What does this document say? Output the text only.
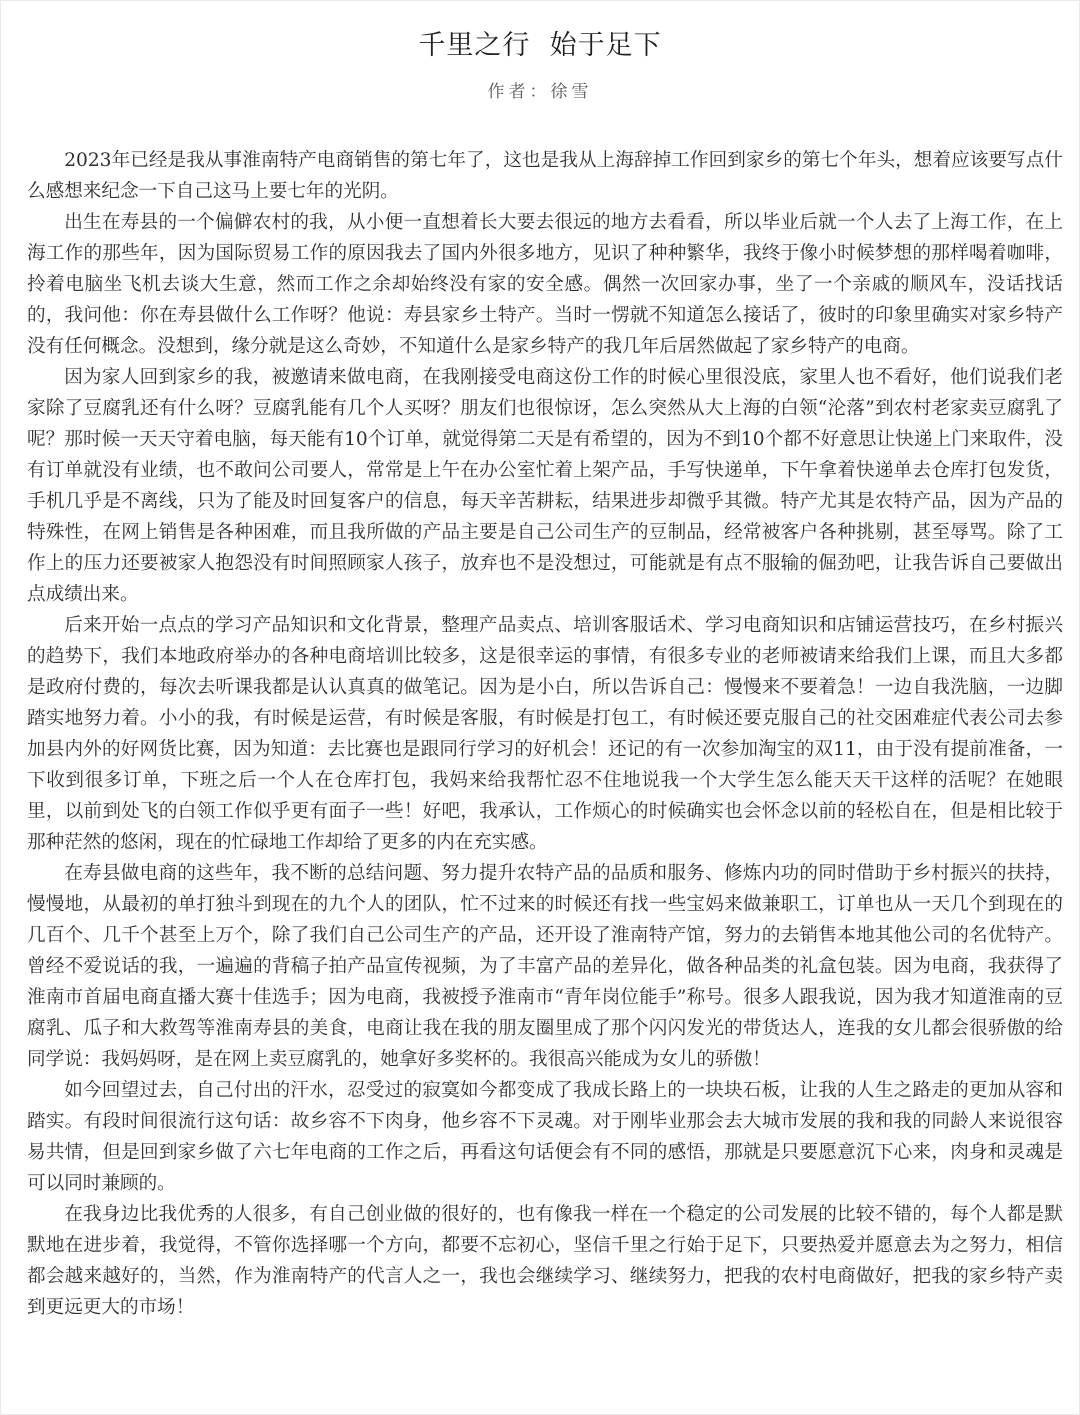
千里之行  始于足下
作者：徐雪

2023年已经是我从事淮南特产电商销售的第七年了，这也是我从上海辞掉工作回到家乡的第七个年头，想着应该要写点什么感想来纪念一下自己这马上要七年的光阴。

出生在寿县的一个偏僻农村的我，从小便一直想着长大要去很远的地方去看看，所以毕业后就一个人去了上海工作，在上海工作的那些年，因为国际贸易工作的原因我去了国内外很多地方，见识了种种繁华，我终于像小时候梦想的那样喝着咖啡，拎着电脑坐飞机去谈大生意，然而工作之余却始终没有家的安全感。偶然一次回家办事，坐了一个亲戚的顺风车，没话找话的，我问他：你在寿县做什么工作呀？他说：寿县家乡土特产。当时一愣就不知道怎么接话了，彼时的印象里确实对家乡特产没有任何概念。没想到，缘分就是这么奇妙，不知道什么是家乡特产的我几年后居然做起了家乡特产的电商。

因为家人回到家乡的我，被邀请来做电商，在我刚接受电商这份工作的时候心里很没底，家里人也不看好，他们说我们老家除了豆腐乳还有什么呀？豆腐乳能有几个人买呀？朋友们也很惊讶，怎么突然从大上海的白领“沦落”到农村老家卖豆腐乳了呢？那时候一天天守着电脑，每天能有10个订单，就觉得第二天是有希望的，因为不到10个都不好意思让快递上门来取件，没有订单就没有业绩，也不敢问公司要人，常常是上午在办公室忙着上架产品，手写快递单，下午拿着快递单去仓库打包发货，手机几乎是不离线，只为了能及时回复客户的信息，每天辛苦耕耘，结果进步却微乎其微。特产尤其是农特产品，因为产品的特殊性，在网上销售是各种困难，而且我所做的产品主要是自己公司生产的豆制品，经常被客户各种挑剔，甚至辱骂。除了工作上的压力还要被家人抱怨没有时间照顾家人孩子，放弃也不是没想过，可能就是有点不服输的倔劲吧，让我告诉自己要做出点成绩出来。

后来开始一点点的学习产品知识和文化背景，整理产品卖点、培训客服话术、学习电商知识和店铺运营技巧，在乡村振兴的趋势下，我们本地政府举办的各种电商培训比较多，这是很幸运的事情，有很多专业的老师被请来给我们上课，而且大多都是政府付费的，每次去听课我都是认认真真的做笔记。因为是小白，所以告诉自己：慢慢来不要着急！一边自我洗脑，一边脚踏实地努力着。小小的我，有时候是运营，有时候是客服，有时候是打包工，有时候还要克服自己的社交困难症代表公司去参加县内外的好网货比赛，因为知道：去比赛也是跟同行学习的好机会！还记的有一次参加淘宝的双11，由于没有提前准备，一下收到很多订单，下班之后一个人在仓库打包，我妈来给我帮忙忍不住地说我一个大学生怎么能天天干这样的活呢？在她眼里，以前到处飞的白领工作似乎更有面子一些！好吧，我承认，工作烦心的时候确实也会怀念以前的轻松自在，但是相比较于那种茫然的悠闲，现在的忙碌地工作却给了更多的内在充实感。

在寿县做电商的这些年，我不断的总结问题、努力提升农特产品的品质和服务、修炼内功的同时借助于乡村振兴的扶持，慢慢地，从最初的单打独斗到现在的九个人的团队，忙不过来的时候还有找一些宝妈来做兼职工，订单也从一天几个到现在的几百个、几千个甚至上万个，除了我们自己公司生产的产品，还开设了淮南特产馆，努力的去销售本地其他公司的名优特产。曾经不爱说话的我，一遍遍的背稿子拍产品宣传视频，为了丰富产品的差异化，做各种品类的礼盒包装。因为电商，我获得了淮南市首届电商直播大赛十佳选手；因为电商，我被授予淮南市“青年岗位能手”称号。很多人跟我说，因为我才知道淮南的豆腐乳、瓜子和大救驾等淮南寿县的美食，电商让我在我的朋友圈里成了那个闪闪发光的带货达人，连我的女儿都会很骄傲的给同学说：我妈妈呀，是在网上卖豆腐乳的，她拿好多奖杯的。我很高兴能成为女儿的骄傲！

如今回望过去，自己付出的汗水，忍受过的寂寞如今都变成了我成长路上的一块块石板，让我的人生之路走的更加从容和踏实。有段时间很流行这句话：故乡容不下肉身，他乡容不下灵魂。对于刚毕业那会去大城市发展的我和我的同龄人来说很容易共情，但是回到家乡做了六七年电商的工作之后，再看这句话便会有不同的感悟，那就是只要愿意沉下心来，肉身和灵魂是可以同时兼顾的。

在我身边比我优秀的人很多，有自己创业做的很好的，也有像我一样在一个稳定的公司发展的比较不错的，每个人都是默默地在进步着，我觉得，不管你选择哪一个方向，都要不忘初心，坚信千里之行始于足下，只要热爱并愿意去为之努力，相信都会越来越好的，当然，作为淮南特产的代言人之一，我也会继续学习、继续努力，把我的农村电商做好，把我的家乡特产卖到更远更大的市场！
